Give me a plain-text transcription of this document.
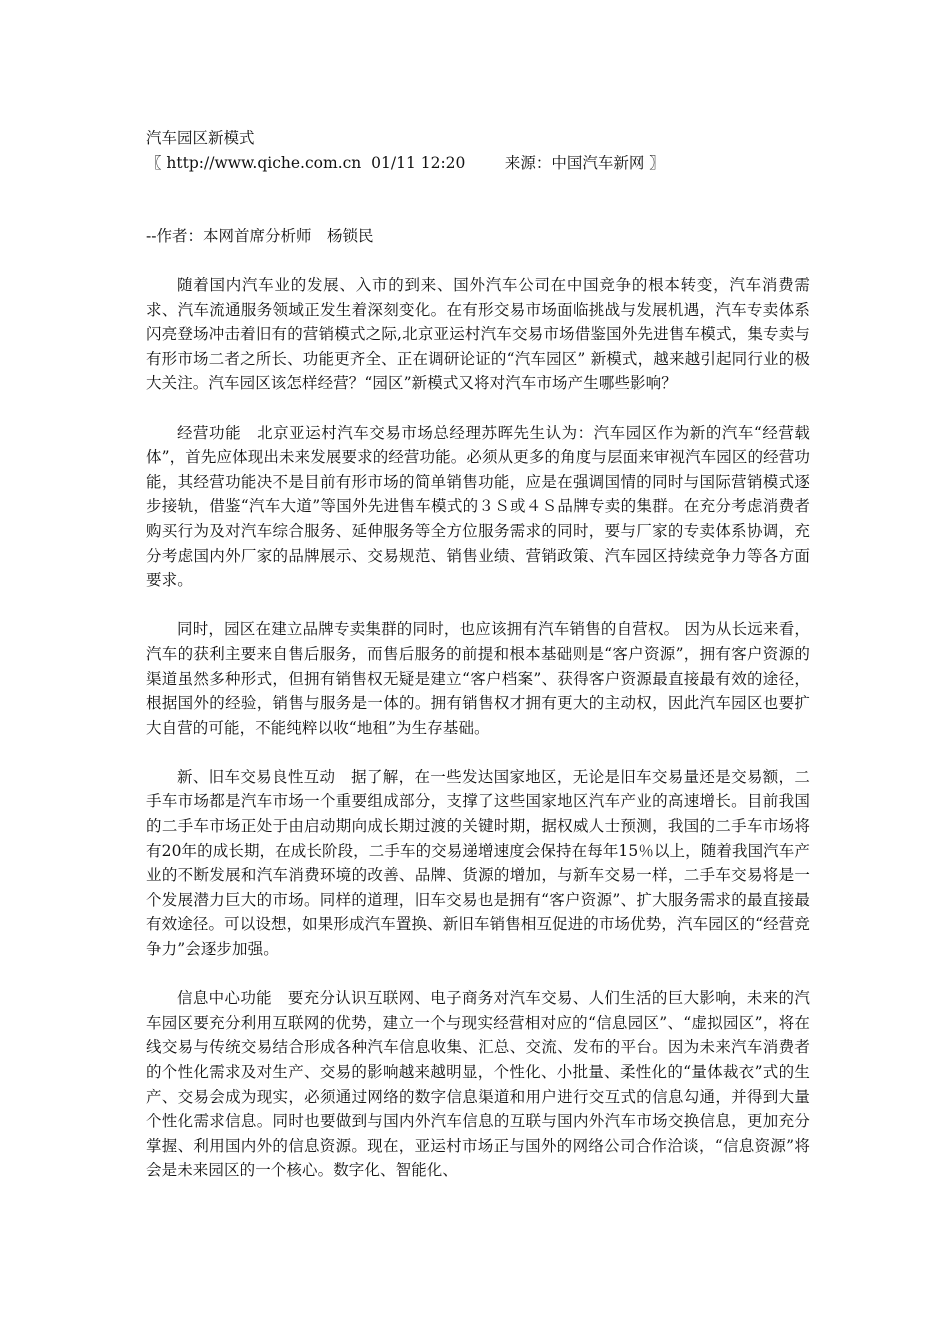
汽车园区新模式
〖 http://www.qiche.com.cn  01/11 12:20        来源：中国汽车新网 〗
--作者：本网首席分析师　杨锁民

随着国内汽车业的发展、入市的到来、国外汽车公司在中国竞争的根本转变，汽车消费需求、汽车流通服务领域正发生着深刻变化。在有形交易市场面临挑战与发展机遇，汽车专卖体系闪亮登场冲击着旧有的营销模式之际,北京亚运村汽车交易市场借鉴国外先进售车模式，集专卖与有形市场二者之所长、功能更齐全、正在调研论证的“汽车园区” 新模式，越来越引起同行业的极大关注。汽车园区该怎样经营？“园区”新模式又将对汽车市场产生哪些影响？

经营功能　北京亚运村汽车交易市场总经理苏晖先生认为：汽车园区作为新的汽车“经营载体”，首先应体现出未来发展要求的经营功能。必须从更多的角度与层面来审视汽车园区的经营功能，其经营功能决不是目前有形市场的简单销售功能，应是在强调国情的同时与国际营销模式逐步接轨，借鉴“汽车大道”等国外先进售车模式的３Ｓ或４Ｓ品牌专卖的集群。在充分考虑消费者购买行为及对汽车综合服务、延伸服务等全方位服务需求的同时，要与厂家的专卖体系协调，充分考虑国内外厂家的品牌展示、交易规范、销售业绩、营销政策、汽车园区持续竞争力等各方面要求。

同时，园区在建立品牌专卖集群的同时，也应该拥有汽车销售的自营权。 因为从长远来看，汽车的获利主要来自售后服务，而售后服务的前提和根本基础则是“客户资源”，拥有客户资源的渠道虽然多种形式，但拥有销售权无疑是建立“客户档案”、获得客户资源最直接最有效的途径，根据国外的经验，销售与服务是一体的。拥有销售权才拥有更大的主动权，因此汽车园区也要扩大自营的可能，不能纯粹以收“地租”为生存基础。

新、旧车交易良性互动　据了解，在一些发达国家地区，无论是旧车交易量还是交易额，二手车市场都是汽车市场一个重要组成部分，支撑了这些国家地区汽车产业的高速增长。目前我国的二手车市场正处于由启动期向成长期过渡的关键时期，据权威人士预测，我国的二手车市场将有20年的成长期，在成长阶段，二手车的交易递增速度会保持在每年15％以上，随着我国汽车产业的不断发展和汽车消费环境的改善、品牌、货源的增加，与新车交易一样，二手车交易将是一个发展潜力巨大的市场。同样的道理，旧车交易也是拥有“客户资源”、扩大服务需求的最直接最有效途径。可以设想，如果形成汽车置换、新旧车销售相互促进的市场优势，汽车园区的“经营竞争力”会逐步加强。

信息中心功能　要充分认识互联网、电子商务对汽车交易、人们生活的巨大影响，未来的汽车园区要充分利用互联网的优势，建立一个与现实经营相对应的“信息园区”、“虚拟园区”，将在线交易与传统交易结合形成各种汽车信息收集、汇总、交流、发布的平台。因为未来汽车消费者的个性化需求及对生产、交易的影响越来越明显，个性化、小批量、柔性化的“量体裁衣”式的生产、交易会成为现实，必须通过网络的数字信息渠道和用户进行交互式的信息勾通，并得到大量个性化需求信息。同时也要做到与国内外汽车信息的互联与国内外汽车市场交换信息，更加充分掌握、利用国内外的信息资源。现在，亚运村市场正与国外的网络公司合作洽谈，“信息资源”将会是未来园区的一个核心。数字化、智能化、
